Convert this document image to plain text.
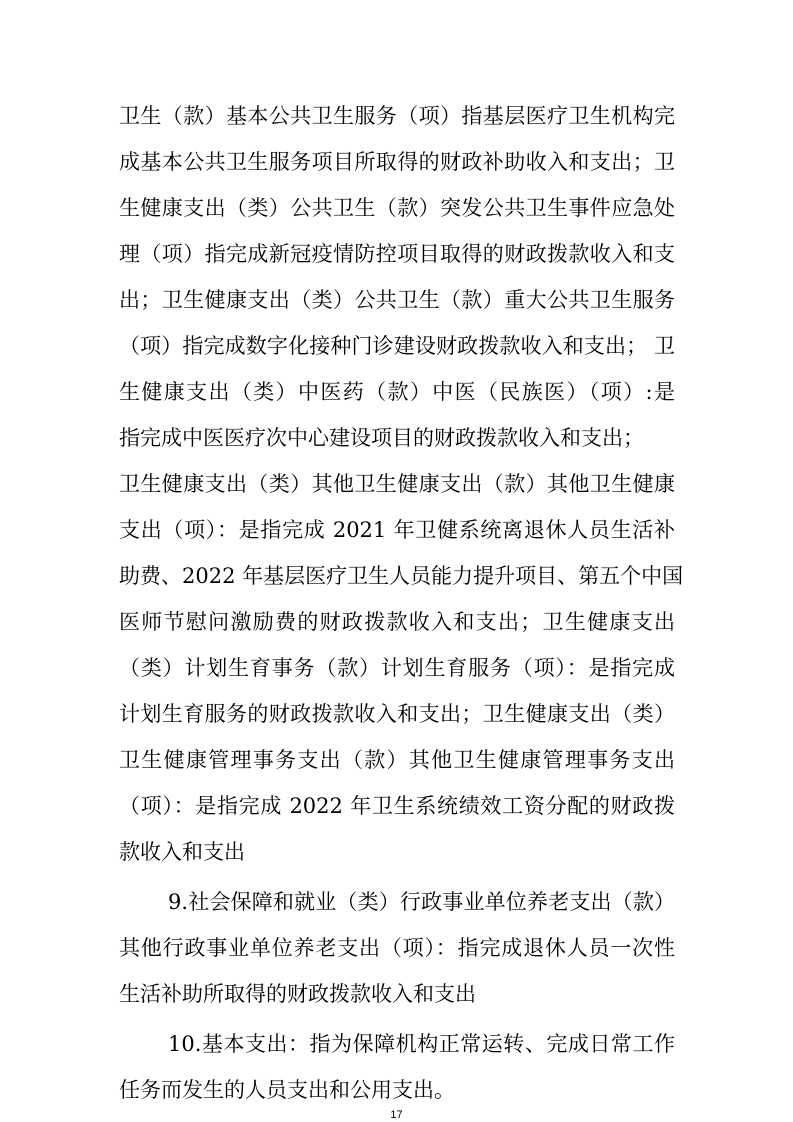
卫生（款）基本公共卫生服务（项）指基层医疗卫生机构完
成基本公共卫生服务项目所取得的财政补助收入和支出；卫
生健康支出（类）公共卫生（款）突发公共卫生事件应急处
理（项）指完成新冠疫情防控项目取得的财政拨款收入和支
出；卫生健康支出（类）公共卫生（款）重大公共卫生服务
（项）指完成数字化接种门诊建设财政拨款收入和支出； 卫
生健康支出（类）中医药（款）中医（民族医）（项）:是
指完成中医医疗次中心建设项目的财政拨款收入和支出；
卫生健康支出（类）其他卫生健康支出（款）其他卫生健康
支出（项）：是指完成 2021 年卫健系统离退休人员生活补
助费、2022 年基层医疗卫生人员能力提升项目、第五个中国
医师节慰问激励费的财政拨款收入和支出；卫生健康支出
（类）计划生育事务（款）计划生育服务（项）：是指完成
计划生育服务的财政拨款收入和支出；卫生健康支出（类）
卫生健康管理事务支出（款）其他卫生健康管理事务支出
（项）：是指完成 2022 年卫生系统绩效工资分配的财政拨
款收入和支出
9.社会保障和就业（类）行政事业单位养老支出（款）
其他行政事业单位养老支出（项）：指完成退休人员一次性
生活补助所取得的财政拨款收入和支出
10.基本支出：指为保障机构正常运转、完成日常工作
任务而发生的人员支出和公用支出。
17
